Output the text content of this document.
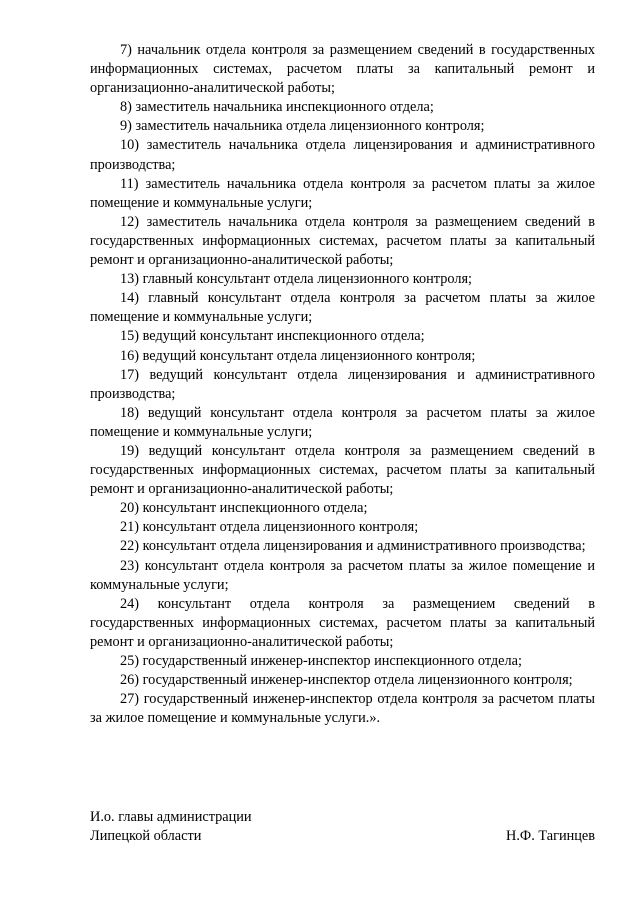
7) начальник отдела контроля за размещением сведений в государственных информационных системах, расчетом платы за капитальный ремонт и организационно-аналитической работы;

8) заместитель начальника инспекционного отдела;

9) заместитель начальника отдела лицензионного контроля;

10) заместитель начальника отдела лицензирования и административного производства;

11) заместитель начальника отдела контроля за расчетом платы за жилое помещение и коммунальные услуги;

12) заместитель начальника отдела контроля за размещением сведений в государственных информационных системах, расчетом платы за капитальный ремонт и организационно-аналитической работы;

13) главный консультант отдела лицензионного контроля;

14) главный консультант отдела контроля за расчетом платы за жилое помещение и коммунальные услуги;

15) ведущий консультант инспекционного отдела;

16) ведущий консультант отдела лицензионного контроля;

17) ведущий консультант отдела лицензирования и административного производства;

18) ведущий консультант отдела контроля за расчетом платы за жилое помещение и коммунальные услуги;

19) ведущий консультант отдела контроля за размещением сведений в государственных информационных системах, расчетом платы за капитальный ремонт и организационно-аналитической работы;

20) консультант инспекционного отдела;

21) консультант отдела лицензионного контроля;

22) консультант отдела лицензирования и административного производства;

23) консультант отдела контроля за расчетом платы за жилое помещение и коммунальные услуги;

24) консультант отдела контроля за размещением сведений в государственных информационных системах, расчетом платы за капитальный ремонт и организационно-аналитической работы;

25) государственный инженер-инспектор инспекционного отдела;

26) государственный инженер-инспектор отдела лицензионного контроля;

27) государственный инженер-инспектор отдела контроля за расчетом платы за жилое помещение и коммунальные услуги.».

И.о. главы администрации
Липецкой области	Н.Ф. Тагинцев
